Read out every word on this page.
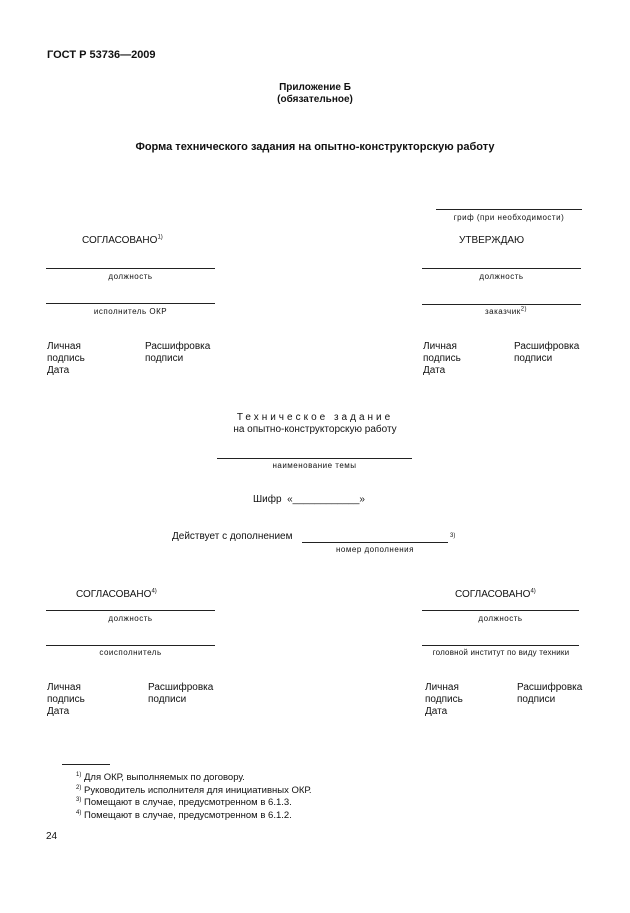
ГОСТ Р 53736—2009
Приложение Б
(обязательное)
Форма технического задания на опытно-конструкторскую работу
гриф (при необходимости)
СОГЛАСОВАНО$^{1)}$
должность
исполнитель ОКР
Личная
подпись
Дата
Расшифровка
подписи
УТВЕРЖДАЮ
должность
заказчик$^{2)}$
Личная
подпись
Дата
Расшифровка
подписи
Техническое задание
на опытно-конструкторскую работу
наименование темы
Шифр «____________»
Действует с дополнением	3)
номер дополнения
СОГЛАСОВАНО$^{4)}$
должность
соисполнитель
Личная
подпись
Дата
Расшифровка
подписи
СОГЛАСОВАНО$^{4)}$
должность
головной институт по виду техники
Личная
подпись
Дата
Расшифровка
подписи
$^{1)}$ Для ОКР, выполняемых по договору.
$^{2)}$ Руководитель исполнителя для инициативных ОКР.
$^{3)}$ Помещают в случае, предусмотренном в 6.1.3.
$^{4)}$ Помещают в случае, предусмотренном в 6.1.2.
24
